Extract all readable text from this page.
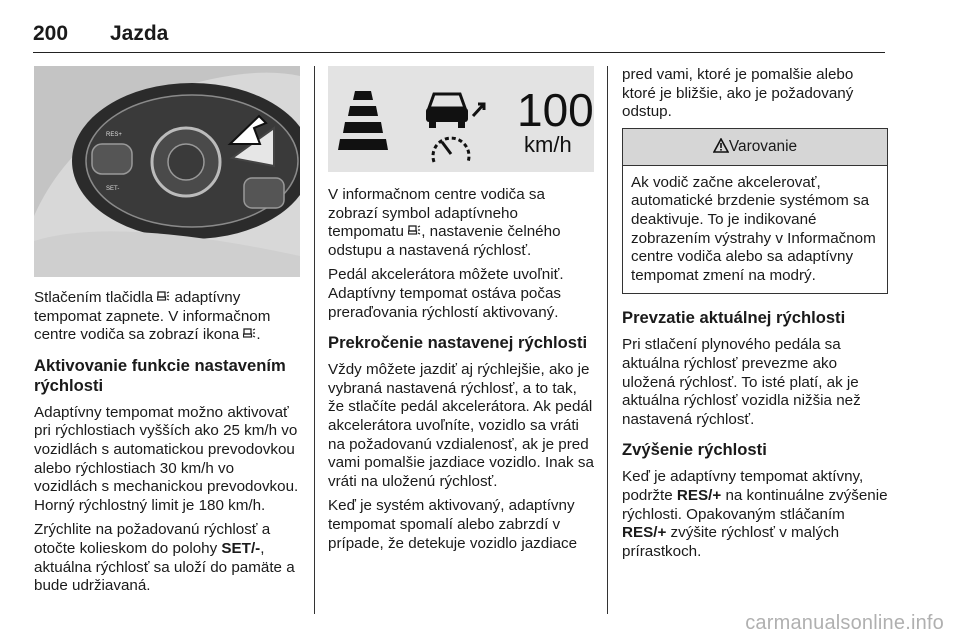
200 Jazda
RES+
SET-

Stlačením tlačidla  adaptívny tempomat zapnete. V informačnom centre vodiča sa zobrazí ikona .

Aktivovanie funkcie nastavením rýchlosti

Adaptívny tempomat možno aktivovať pri rýchlostiach vyšších ako 25 km/h vo vozidlách s automatickou prevodovkou alebo rýchlostiach 30 km/h vo vozidlách s mechanickou prevodovkou. Horný rýchlostný limit je 180 km/h.

Zrýchlite na požadovanú rýchlosť a otočte kolieskom do polohy SET/-, aktuálna rýchlosť sa uloží do pamäte a bude udržiavaná.

100
km/h

V informačnom centre vodiča sa zobrazí symbol adaptívneho tempomatu , nastavenie čelného odstupu a nastavená rýchlosť.

Pedál akcelerátora môžete uvoľniť. Adaptívny tempomat ostáva počas preraďovania rýchlostí aktivovaný.

Prekročenie nastavenej rýchlosti

Vždy môžete jazdiť aj rýchlejšie, ako je vybraná nastavená rýchlosť, a to tak, že stlačíte pedál akcelerátora. Ak pedál akcelerátora uvoľníte, vozidlo sa vráti na požadovanú vzdialenosť, ak je pred vami pomalšie jazdiace vozidlo. Inak sa vráti na uloženú rýchlosť.

Keď je systém aktivovaný, adaptívny tempomat spomalí alebo zabrzdí v prípade, že detekuje vozidlo jazdiace

pred vami, ktoré je pomalšie alebo ktoré je bližšie, ako je požadovaný odstup.

Varovanie
Ak vodič začne akcelerovať, automatické brzdenie systémom sa deaktivuje. To je indikované zobrazením výstrahy v Informačnom centre vodiča alebo sa adaptívny tempomat zmení na modrý.
Prevzatie aktuálnej rýchlosti

Pri stlačení plynového pedála sa aktuálna rýchlosť prevezme ako uložená rýchlosť. To isté platí, ak je aktuálna rýchlosť vozidla nižšia než nastavená rýchlosť.

Zvýšenie rýchlosti

Keď je adaptívny tempomat aktívny, podržte RES/+ na kontinuálne zvýšenie rýchlosti. Opakovaným stláčaním RES/+ zvýšite rýchlosť v malých prírastkoch.

carmanualsonline.info
